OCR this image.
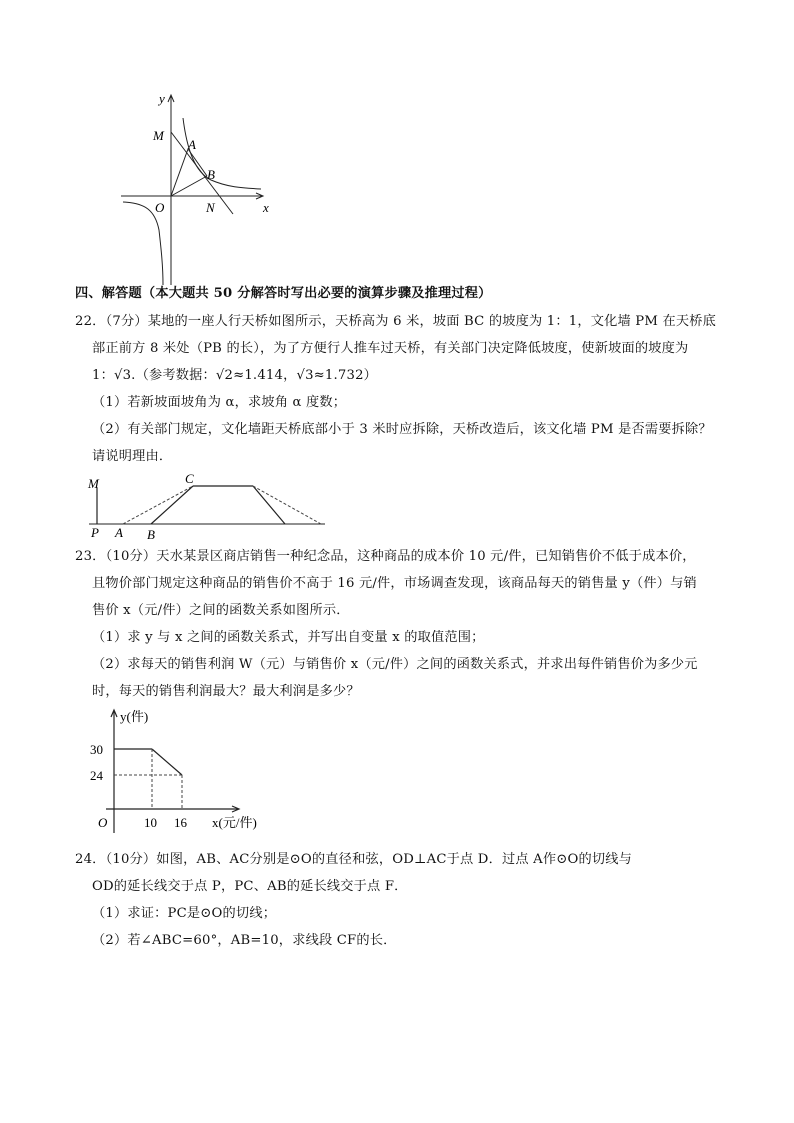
y
x
M
A
B
O	N
四、解答题（本大题共 50 分解答时写出必要的演算步骤及推理过程）
22．（7分）某地的一座人行天桥如图所示，天桥高为 6 米，坡面 BC 的坡度为 1：1，文化墙 PM 在天桥底
部正前方 8 米处（PB 的长），为了方便行人推车过天桥，有关部门决定降低坡度，使新坡面的坡度为
1：√3.（参考数据：√2≈1.414，√3≈1.732）
（1）若新坡面坡角为 α，求坡角 α 度数；
（2）有关部门规定，文化墙距天桥底部小于 3 米时应拆除，天桥改造后，该文化墙 PM 是否需要拆除？
请说明理由．
M	C
P A B
23．（10分）天水某景区商店销售一种纪念品，这种商品的成本价 10 元/件，已知销售价不低于成本价，
且物价部门规定这种商品的销售价不高于 16 元/件，市场调查发现，该商品每天的销售量 y（件）与销
售价 x（元/件）之间的函数关系如图所示．
（1）求 y 与 x 之间的函数关系式，并写出自变量 x 的取值范围；
（2）求每天的销售利润 W（元）与销售价 x（元/件）之间的函数关系式，并求出每件销售价为多少元
时，每天的销售利润最大？最大利润是多少？
y(件)
x(元/件)
O
30
24
10 16
24．（10分）如图，AB、AC分别是⊙O的直径和弦，OD⊥AC于点 D．过点 A作⊙O的切线与
OD的延长线交于点 P，PC、AB的延长线交于点 F．
（1）求证：PC是⊙O的切线；
（2）若∠ABC=60°，AB=10，求线段 CF的长．
